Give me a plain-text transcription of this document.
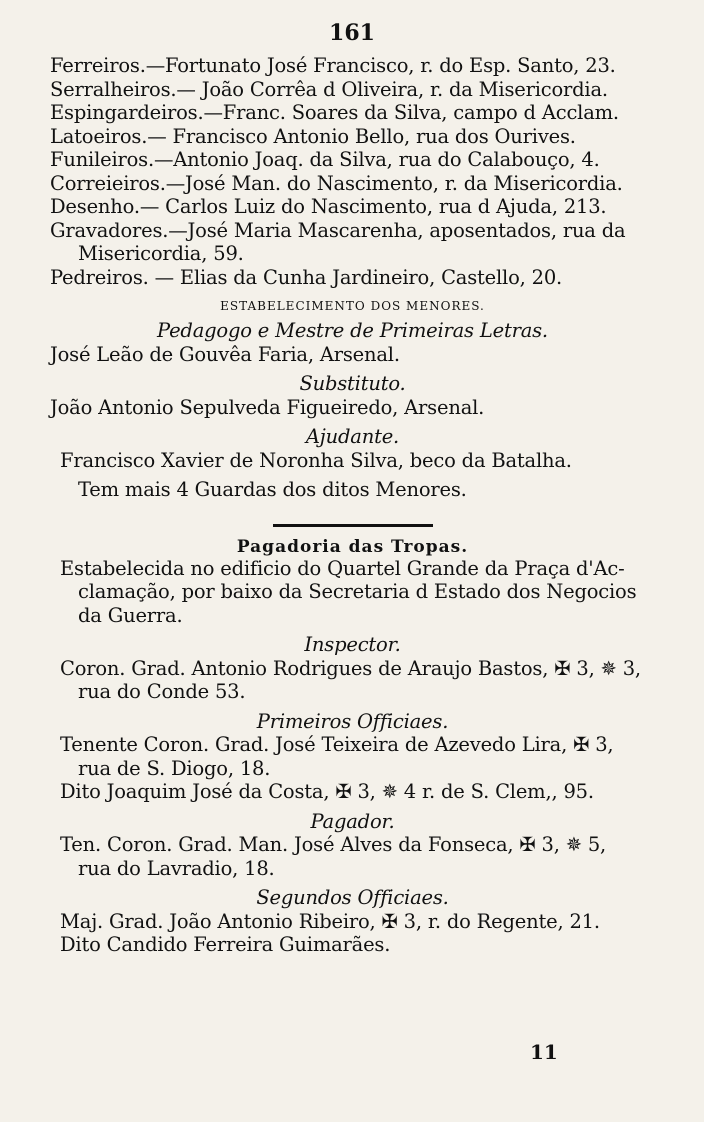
161
Ferreiros.—Fortunato José Francisco, r. do Esp. Santo, 23.
Serralheiros.— João Corrêa d Oliveira, r. da Misericordia.
Espingardeiros.—Franc. Soares da Silva, campo d Acclam.
Latoeiros.— Francisco Antonio Bello, rua dos Ourives.
Funileiros.—Antonio Joaq. da Silva, rua do Calabouço, 4.
Correieiros.—José Man. do Nascimento, r. da Misericordia.
Desenho.— Carlos Luiz do Nascimento, rua d Ajuda, 213.
Gravadores.—José Maria Mascarenha, aposentados, rua da
Misericordia, 59.
Pedreiros. — Elias da Cunha Jardineiro, Castello, 20.
ESTABELECIMENTO DOS MENORES.
Pedagogo e Mestre de Primeiras Letras.
José Leão de Gouvêa Faria, Arsenal.
Substituto.
João Antonio Sepulveda Figueiredo, Arsenal.
Ajudante.
Francisco Xavier de Noronha Silva, beco da Batalha.
Tem mais 4 Guardas dos ditos Menores.
Pagadoria das Tropas.
Estabelecida no edificio do Quartel Grande da Praça d'Ac-
clamação, por baixo da Secretaria d Estado dos Negocios
da Guerra.
Inspector.
Coron. Grad. Antonio Rodrigues de Araujo Bastos, ✠ 3, ✵ 3,
rua do Conde 53.
Primeiros Officiaes.
Tenente Coron. Grad. José Teixeira de Azevedo Lira, ✠ 3,
rua de S. Diogo, 18.
Dito Joaquim José da Costa, ✠ 3, ✵ 4 r. de S. Clem,, 95.
Pagador.
Ten. Coron. Grad. Man. José Alves da Fonseca, ✠ 3, ✵ 5,
rua do Lavradio, 18.
Segundos Officiaes.
Maj. Grad. João Antonio Ribeiro, ✠ 3, r. do Regente, 21.
Dito Candido Ferreira Guimarães.
11
